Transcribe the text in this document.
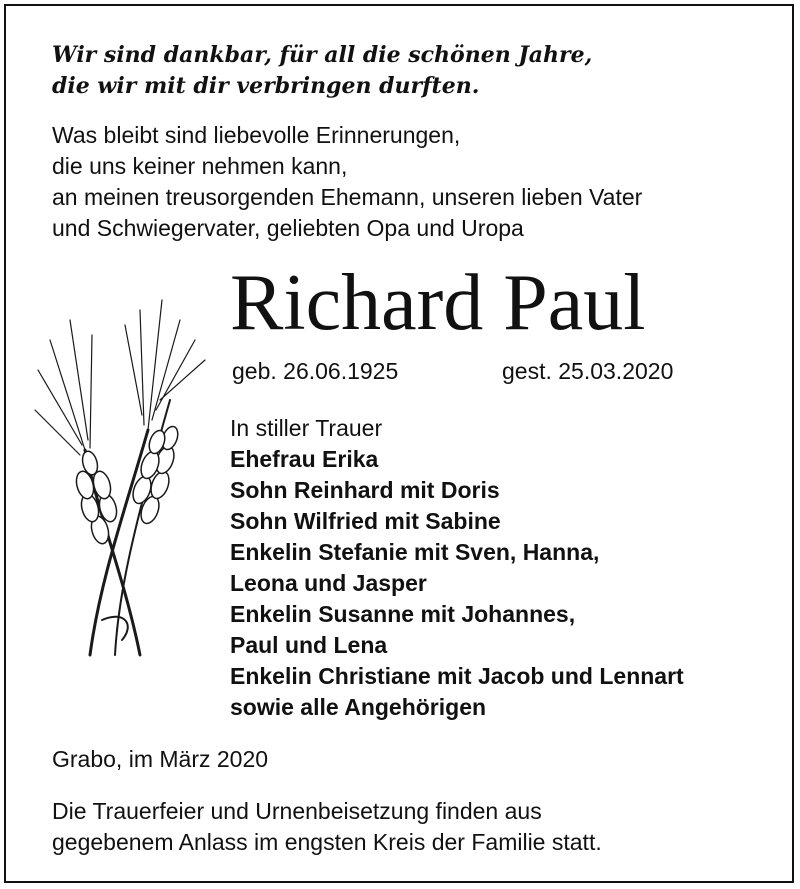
Wir sind dankbar, für all die schönen Jahre,
die wir mit dir verbringen durften.
Was bleibt sind liebevolle Erinnerungen,
die uns keiner nehmen kann,
an meinen treusorgenden Ehemann, unseren lieben Vater
und Schwiegervater, geliebten Opa und Uropa
Richard Paul
geb. 26.06.1925	gest. 25.03.2020
In stiller Trauer
Ehefrau Erika
Sohn Reinhard mit Doris
Sohn Wilfried mit Sabine
Enkelin Stefanie mit Sven, Hanna,
Leona und Jasper
Enkelin Susanne mit Johannes,
Paul und Lena
Enkelin Christiane mit Jacob und Lennart
sowie alle Angehörigen
Grabo, im März 2020
Die Trauerfeier und Urnenbeisetzung finden aus
gegebenem Anlass im engsten Kreis der Familie statt.
